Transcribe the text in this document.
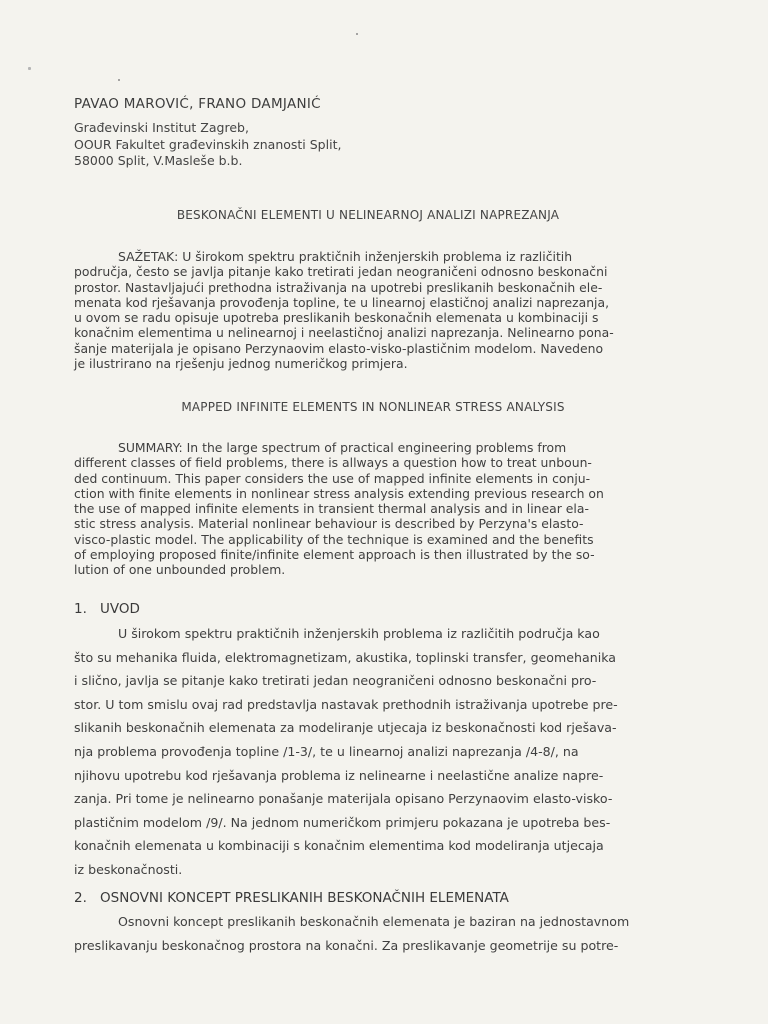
PAVAO MAROVIĆ, FRANO DAMJANIĆ
Građevinski Institut Zagreb,
OOUR Fakultet građevinskih znanosti Split,
58000 Split, V.Masleše b.b.
BESKONAČNI ELEMENTI U NELINEARNOJ ANALIZI NAPREZANJA
SAŽETAK: U širokom spektru praktičnih inženjerskih problema iz različitih
područja, često se javlja pitanje kako tretirati jedan neograničeni odnosno beskonačni
prostor. Nastavljajući prethodna istraživanja na upotrebi preslikanih beskonačnih ele-
menata kod rješavanja provođenja topline, te u linearnoj elastičnoj analizi naprezanja,
u ovom se radu opisuje upotreba preslikanih beskonačnih elemenata u kombinaciji s
konačnim elementima u nelinearnoj i neelastičnoj analizi naprezanja. Nelinearno pona-
šanje materijala je opisano Perzynaovim elasto-visko-plastičnim modelom. Navedeno
je ilustrirano na rješenju jednog numeričkog primjera.
MAPPED INFINITE ELEMENTS IN NONLINEAR STRESS ANALYSIS
SUMMARY: In the large spectrum of practical engineering problems from
different classes of field problems, there is allways a question how to treat unboun-
ded continuum. This paper considers the use of mapped infinite elements in conju-
ction with finite elements in nonlinear stress analysis extending previous research on
the use of mapped infinite elements in transient thermal analysis and in linear ela-
stic stress analysis. Material nonlinear behaviour is described by Perzyna's elasto-
visco-plastic model. The applicability of the technique is examined and the benefits
of employing proposed finite/infinite element approach is then illustrated by the so-
lution of one unbounded problem.
1. UVOD
U širokom spektru praktičnih inženjerskih problema iz različitih područja kao
što su mehanika fluida, elektromagnetizam, akustika, toplinski transfer, geomehanika
i slično, javlja se pitanje kako tretirati jedan neograničeni odnosno beskonačni pro-
stor. U tom smislu ovaj rad predstavlja nastavak prethodnih istraživanja upotrebe pre-
slikanih beskonačnih elemenata za modeliranje utjecaja iz beskonačnosti kod rješava-
nja problema provođenja topline /1-3/, te u linearnoj analizi naprezanja /4-8/, na
njihovu upotrebu kod rješavanja problema iz nelinearne i neelastične analize napre-
zanja. Pri tome je nelinearno ponašanje materijala opisano Perzynaovim elasto-visko-
plastičnim modelom /9/. Na jednom numeričkom primjeru pokazana je upotreba bes-
konačnih elemenata u kombinaciji s konačnim elementima kod modeliranja utjecaja
iz beskonačnosti.
2. OSNOVNI KONCEPT PRESLIKANIH BESKONAČNIH ELEMENATA
Osnovni koncept preslikanih beskonačnih elemenata je baziran na jednostavnom
preslikavanju beskonačnog prostora na konačni. Za preslikavanje geometrije su potre-
